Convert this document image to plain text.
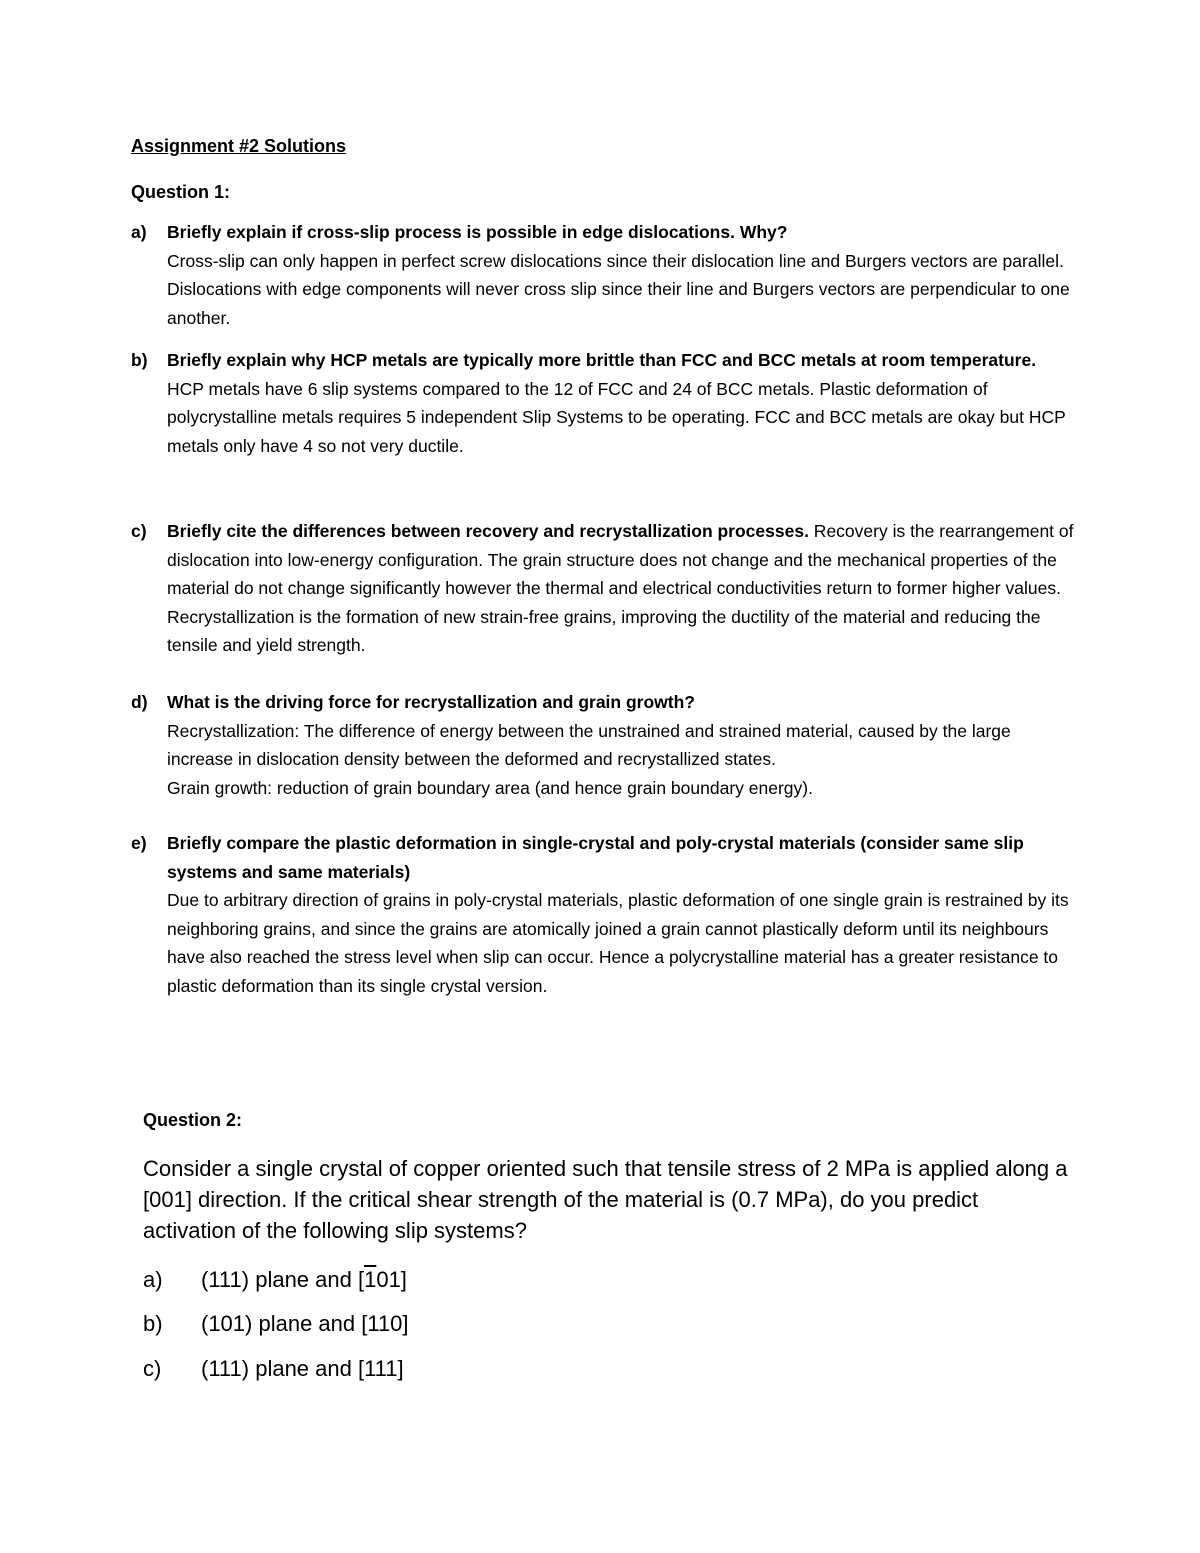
Assignment #2 Solutions
Question 1:
a)	Briefly explain if cross-slip process is possible in edge dislocations. Why?
Cross-slip can only happen in perfect screw dislocations since their dislocation line and Burgers vectors are parallel. Dislocations with edge components will never cross slip since their line and Burgers vectors are perpendicular to one another.
b)	Briefly explain why HCP metals are typically more brittle than FCC and BCC metals at room temperature.
HCP metals have 6 slip systems compared to the 12 of FCC and 24 of BCC metals. Plastic deformation of polycrystalline metals requires 5 independent Slip Systems to be operating. FCC and BCC metals are okay but HCP metals only have 4 so not very ductile.
c)	Briefly cite the differences between recovery and recrystallization processes. Recovery is the rearrangement of dislocation into low-energy configuration. The grain structure does not change and the mechanical properties of the material do not change significantly however the thermal and electrical conductivities return to former higher values. Recrystallization is the formation of new strain-free grains, improving the ductility of the material and reducing the tensile and yield strength.
d)	What is the driving force for recrystallization and grain growth?
Recrystallization: The difference of energy between the unstrained and strained material, caused by the large increase in dislocation density between the deformed and recrystallized states.
Grain growth: reduction of grain boundary area (and hence grain boundary energy).
e)	Briefly compare the plastic deformation in single-crystal and poly-crystal materials (consider same slip systems and same materials)
Due to arbitrary direction of grains in poly-crystal materials, plastic deformation of one single grain is restrained by its neighboring grains, and since the grains are atomically joined a grain cannot plastically deform until its neighbours have also reached the stress level when slip can occur. Hence a polycrystalline material has a greater resistance to plastic deformation than its single crystal version.
Question 2:
Consider a single crystal of copper oriented such that tensile stress of 2 MPa is applied along a [001] direction. If the critical shear strength of the material is (0.7 MPa), do you predict activation of the following slip systems?
a) (111) plane and [101]
b) (101) plane and [110]
c) (111) plane and [111]
